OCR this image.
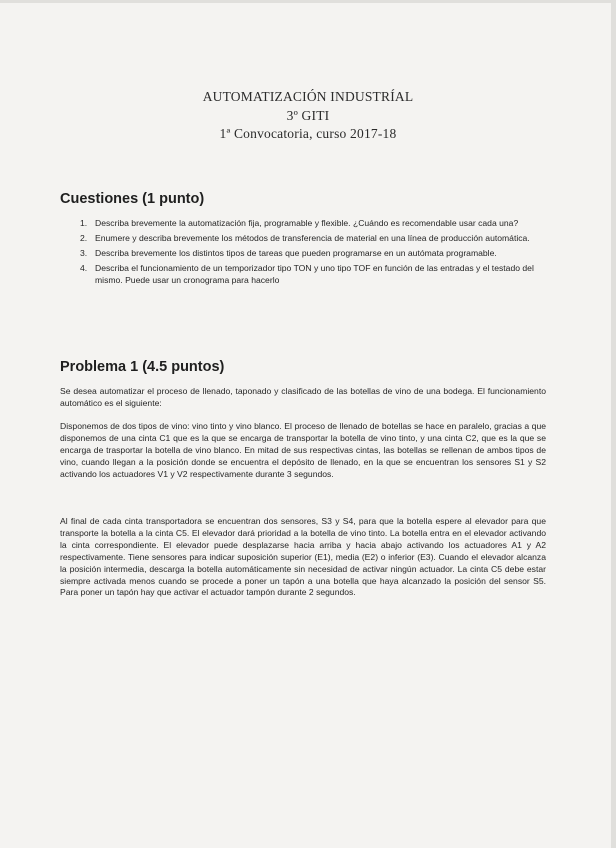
AUTOMATIZACIÓN INDUSTRÍAL
3º GITI
1ª Convocatoria, curso 2017-18
Cuestiones (1 punto)
1. Describa brevemente la automatización fija, programable y flexible. ¿Cuándo es recomendable usar cada una?
2. Enumere y describa brevemente los métodos de transferencia de material en una línea de producción automática.
3. Describa brevemente los distintos tipos de tareas que pueden programarse en un autómata programable.
4. Describa el funcionamiento de un temporizador tipo TON y uno tipo TOF en función de las entradas y el testado del mismo. Puede usar un cronograma para hacerlo
Problema 1 (4.5 puntos)

Se desea automatizar el proceso de llenado, taponado y clasificado de las botellas de vino de una bodega. El funcionamiento automático es el siguiente:

Disponemos de dos tipos de vino: vino tinto y vino blanco. El proceso de llenado de botellas se hace en paralelo, gracias a que disponemos de una cinta C1 que es la que se encarga de transportar la botella de vino tinto, y una cinta C2, que es la que se encarga de trasportar la botella de vino blanco. En mitad de sus respectivas cintas, las botellas se rellenan de ambos tipos de vino, cuando llegan a la posición donde se encuentra el depósito de llenado, en la que se encuentran los sensores S1 y S2 activando los actuadores V1 y V2 respectivamente durante 3 segundos.

Al final de cada cinta transportadora se encuentran dos sensores, S3 y S4, para que la botella espere al elevador para que transporte la botella a la cinta C5. El elevador dará prioridad a la botella de vino tinto. La botella entra en el elevador activando la cinta correspondiente. El elevador puede desplazarse hacia arriba y hacia abajo activando los actuadores A1 y A2 respectivamente. Tiene sensores para indicar suposición superior (E1), media (E2) o inferior (E3). Cuando el elevador alcanza la posición intermedia, descarga la botella automáticamente sin necesidad de activar ningún actuador. La cinta C5 debe estar siempre activada menos cuando se procede a poner un tapón a una botella que haya alcanzado la posición del sensor S5. Para poner un tapón hay que activar el actuador tampón durante 2 segundos.
